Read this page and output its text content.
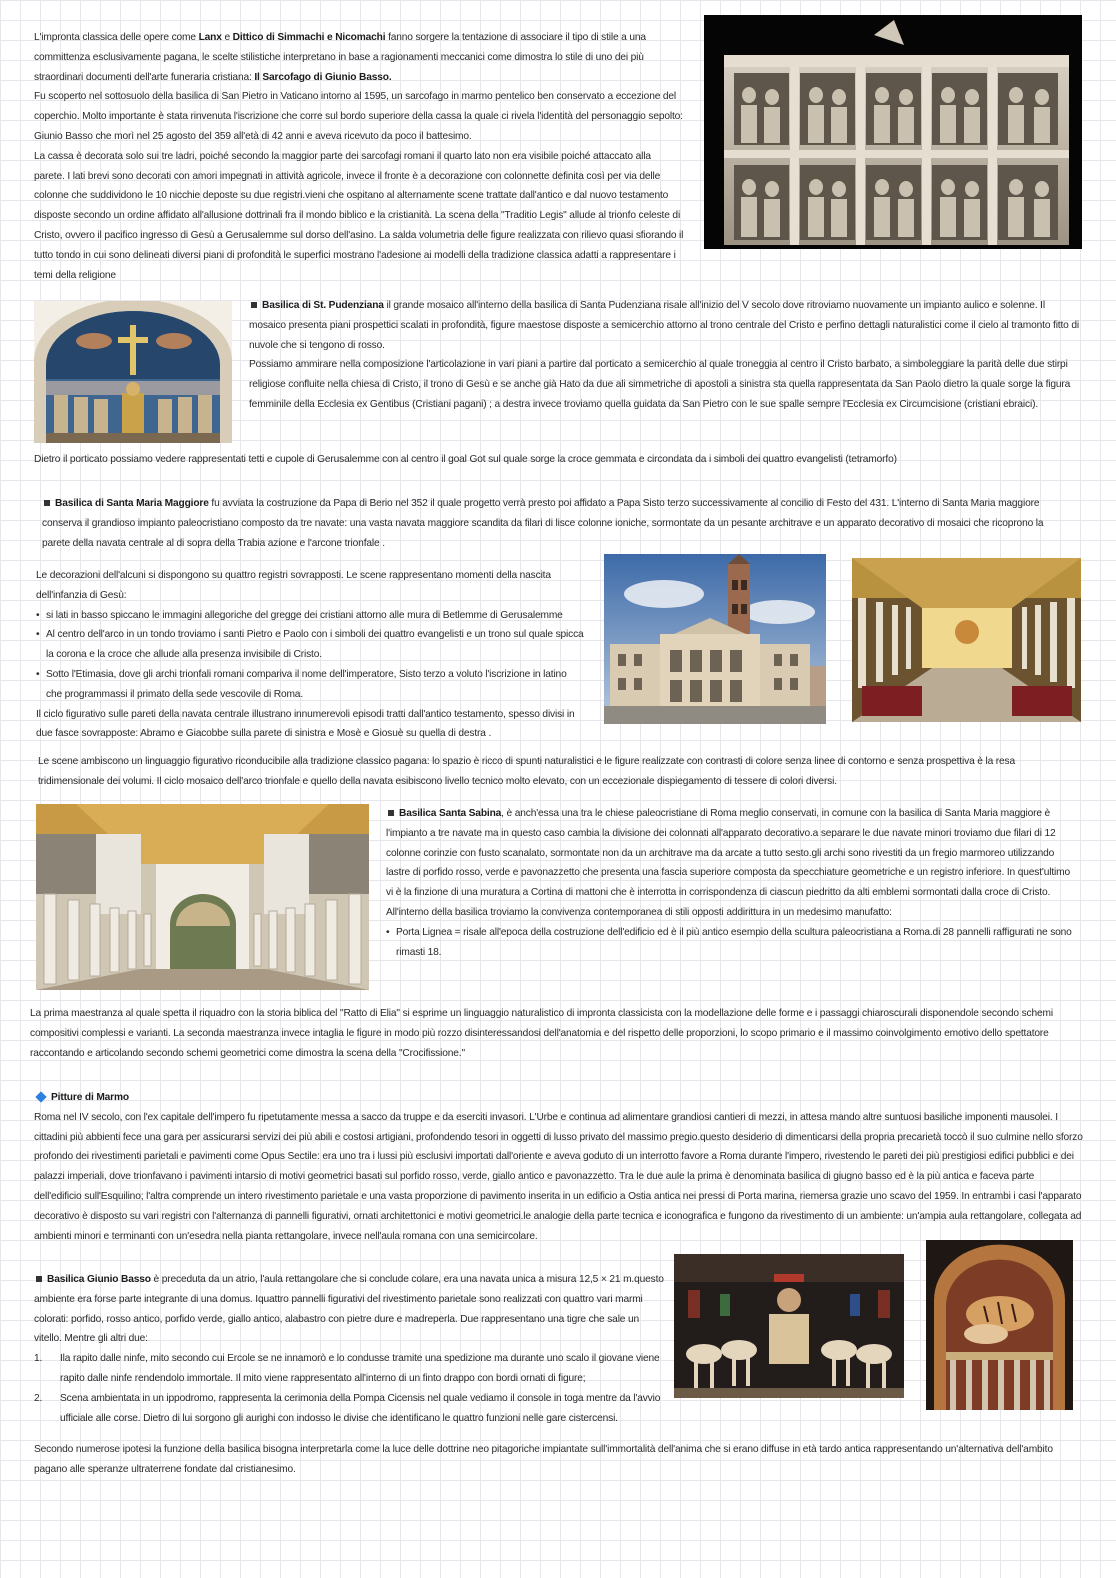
L'impronta classica delle opere come Lanx e Dittico di Simmachi e Nicomachi fanno sorgere la tentazione di associare il tipo di stile a una committenza esclusivamente pagana, le scelte stilistiche interpretano in base a ragionamenti meccanici come dimostra lo stile di uno dei più straordinari documenti dell'arte funeraria cristiana: Il Sarcofago di Giunio Basso.

Fu scoperto nel sottosuolo della basilica di San Pietro in Vaticano intorno al 1595, un sarcofago in marmo pentelico ben conservato a eccezione del coperchio. Molto importante è stata rinvenuta l'iscrizione che corre sul bordo superiore della cassa la quale ci rivela l'identità del personaggio sepolto: Giunio Basso che morì nel 25 agosto del 359 all'età di 42 anni e aveva ricevuto da poco il battesimo.

La cassa è decorata solo sui tre ladri, poiché secondo la maggior parte dei sarcofagi romani il quarto lato non era visibile poiché attaccato alla parete. I lati brevi sono decorati con amori impegnati in attività agricole, invece il fronte è a decorazione con colonnette definita così per via delle colonne che suddividono le 10 nicchie deposte su due registri.vieni che ospitano al alternamente scene trattate dall'antico e dal nuovo testamento disposte secondo un ordine affidato all'allusione dottrinali fra il mondo biblico e la cristianità. La scena della "Traditio Legis" allude al trionfo celeste di Cristo, ovvero il pacifico ingresso di Gesù a Gerusalemme sul dorso dell'asino. La salda volumetria delle figure realizzata con rilievo quasi sfiorando il tutto tondo in cui sono delineati diversi piani di profondità le superfici mostrano l'adesione ai modelli della tradizione classica adatti a rappresentare i temi della religione

Basilica di St. Pudenziana il grande mosaico all'interno della basilica di Santa Pudenziana risale all'inizio del V secolo dove ritroviamo nuovamente un impianto aulico e solenne. Il mosaico presenta piani prospettici scalati in profondità, figure maestose disposte a semicerchio attorno al trono centrale del Cristo e perfino dettagli naturalistici come il cielo al tramonto fitto di nuvole che si tengono di rosso.

Possiamo ammirare nella composizione l'articolazione in vari piani a partire dal porticato a semicerchio al quale troneggia al centro il Cristo barbato, a simboleggiare la parità delle due stirpi religiose confluite nella chiesa di Cristo, il trono di Gesù e se anche già Hato da due ali simmetriche di apostoli a sinistra sta quella rappresentata da San Paolo dietro la quale sorge la figura femminile della Ecclesia ex Gentibus (Cristiani pagani) ; a destra invece troviamo quella guidata da San Pietro con le sue spalle sempre l'Ecclesia ex Circumcisione (cristiani ebraici).

Dietro il porticato possiamo vedere rappresentati tetti e cupole di Gerusalemme con al centro il goal Got sul quale sorge la croce gemmata e circondata da i simboli dei quattro evangelisti (tetramorfo)

Basilica di Santa Maria Maggiore fu avviata la costruzione da Papa di Berio nel 352 il quale progetto verrà presto poi affidato a Papa Sisto terzo successivamente al concilio di Festo del 431. L'interno di Santa Maria maggiore conserva il grandioso impianto paleocristiano composto da tre navate: una vasta navata maggiore scandita da filari di lisce colonne ioniche, sormontate da un pesante architrave e un apparato decorativo di mosaici che ricoprono la parete della navata centrale al di sopra della Trabia azione e l'arcone trionfale .

Le decorazioni dell'alcuni si dispongono su quattro registri sovrapposti. Le scene rappresentano momenti della nascita dell'infanzia di Gesù:

• si lati in basso spiccano le immagini allegoriche del gregge dei cristiani attorno alle mura di Betlemme di Gerusalemme
• Al centro dell'arco in un tondo troviamo i santi Pietro e Paolo con i simboli dei quattro evangelisti e un trono sul quale spicca la corona e la croce che allude alla presenza invisibile di Cristo.
• Sotto l'Etimasia, dove gli archi trionfali romani compariva il nome dell'imperatore, Sisto terzo a voluto l'iscrizione in latino che programmassi il primato della sede vescovile di Roma.

Il ciclo figurativo sulle pareti della navata centrale illustrano innumerevoli episodi tratti dall'antico testamento, spesso divisi in due fasce sovrapposte: Abramo e Giacobbe sulla parete di sinistra e Mosè e Giosuè su quella di destra .

Le scene ambiscono un linguaggio figurativo riconducibile alla tradizione classico pagana: lo spazio è ricco di spunti naturalistici e le figure realizzate con contrasti di colore senza linee di contorno e senza prospettiva è la resa tridimensionale dei volumi. Il ciclo mosaico dell'arco trionfale e quello della navata esibiscono livello tecnico molto elevato, con un eccezionale dispiegamento di tessere di colori diversi.

Basilica Santa Sabina, è anch'essa una tra le chiese paleocristiane di Roma meglio conservati, in comune con la basilica di Santa Maria maggiore è l'impianto a tre navate ma in questo caso cambia la divisione dei colonnati all'apparato decorativo.a separare le due navate minori troviamo due filari di 12 colonne corinzie con fusto scanalato, sormontate non da un architrave ma da arcate a tutto sesto.gli archi sono rivestiti da un fregio marmoreo utilizzando lastre di porfido rosso, verde e pavonazzetto che presenta una fascia superiore composta da specchiature geometriche e un registro inferiore. In quest'ultimo vi è la finzione di una muratura a Cortina di mattoni che è interrotta in corrispondenza di ciascun piedritto da alti emblemi sormontati dalla croce di Cristo.

All'interno della basilica troviamo la convivenza contemporanea di stili opposti addirittura in un medesimo manufatto:

• Porta Lignea = risale all'epoca della costruzione dell'edificio ed è il più antico esempio della scultura paleocristiana a Roma.di 28 pannelli raffigurati ne sono rimasti 18.

La prima maestranza al quale spetta il riquadro con la storia biblica del "Ratto di Elia" si esprime un linguaggio naturalistico di impronta classicista con la modellazione delle forme e i passaggi chiaroscurali disponendole secondo schemi compositivi complessi e varianti. La seconda maestranza invece intaglia le figure in modo più rozzo disinteressandosi dell'anatomia e del rispetto delle proporzioni, lo scopo primario e il massimo coinvolgimento emotivo dello spettatore raccontando e articolando secondo schemi geometrici come dimostra la scena della "Crocifissione."

Pitture di Marmo

Roma nel IV secolo, con l'ex capitale dell'impero fu ripetutamente messa a sacco da truppe e da eserciti invasori. L'Urbe e continua ad alimentare grandiosi cantieri di mezzi, in attesa mando altre suntuosi basiliche imponenti mausolei. I cittadini più abbienti fece una gara per assicurarsi servizi dei più abili e costosi artigiani, profondendo tesori in oggetti di lusso privato del massimo pregio.questo desiderio di dimenticarsi della propria precarietà toccò il suo culmine nello sforzo profondo dei rivestimenti parietali e pavimenti come Opus Sectile: era uno tra i lussi più esclusivi importati dall'oriente e aveva goduto di un interrotto favore a Roma durante l'impero, rivestendo le pareti dei più prestigiosi edifici pubblici e dei palazzi imperiali, dove trionfavano i pavimenti intarsio di motivi geometrici basati sul porfido rosso, verde, giallo antico e pavonazzetto. Tra le due aule la prima è denominata basilica di giugno basso ed è la più antica e faceva parte dell'edificio sull'Esquilino; l'altra comprende un intero rivestimento parietale e una vasta proporzione di pavimento inserita in un edificio a Ostia antica nei pressi di Porta marina, riemersa grazie uno scavo del 1959. In entrambi i casi l'apparato decorativo è disposto su vari registri con l'alternanza di pannelli figurativi, ornati architettonici e motivi geometrici.le analogie della parte tecnica e iconografica e fungono da rivestimento di un ambiente: un'ampia aula rettangolare, collegata ad ambienti minori e terminanti con un'esedra nella pianta rettangolare, invece nell'aula romana con una semicircolare.

Basilica Giunio Basso è preceduta da un atrio, l'aula rettangolare che si conclude colare, era una navata unica a misura 12,5 × 21 m.questo ambiente era forse parte integrante di una domus. Iquattro pannelli figurativi del rivestimento parietale sono realizzati con quattro vari marmi colorati: porfido, rosso antico, porfido verde, giallo antico, alabastro con pietre dure e madreperla. Due rappresentano una tigre che sale un vitello. Mentre gli altri due:

1. Ila rapito dalle ninfe, mito secondo cui Ercole se ne innamorò e lo condusse tramite una spedizione ma durante uno scalo il giovane viene rapito dalle ninfe rendendolo immortale. Il mito viene rappresentato all'interno di un finto drappo con bordi ornati di figure;
2. Scena ambientata in un ippodromo, rappresenta la cerimonia della Pompa Cicensis nel quale vediamo il console in toga mentre da l'avvio ufficiale alle corse. Dietro di lui sorgono gli aurighi con indosso le divise che identificano le quattro funzioni nelle gare cistercensi.

Secondo numerose ipotesi la funzione della basilica bisogna interpretarla come la luce delle dottrine neo pitagoriche impiantate sull'immortalità dell'anima che si erano diffuse in età tardo antica rappresentando un'alternativa dell'ambito pagano alle speranze ultraterrene fondate dal cristianesimo.
